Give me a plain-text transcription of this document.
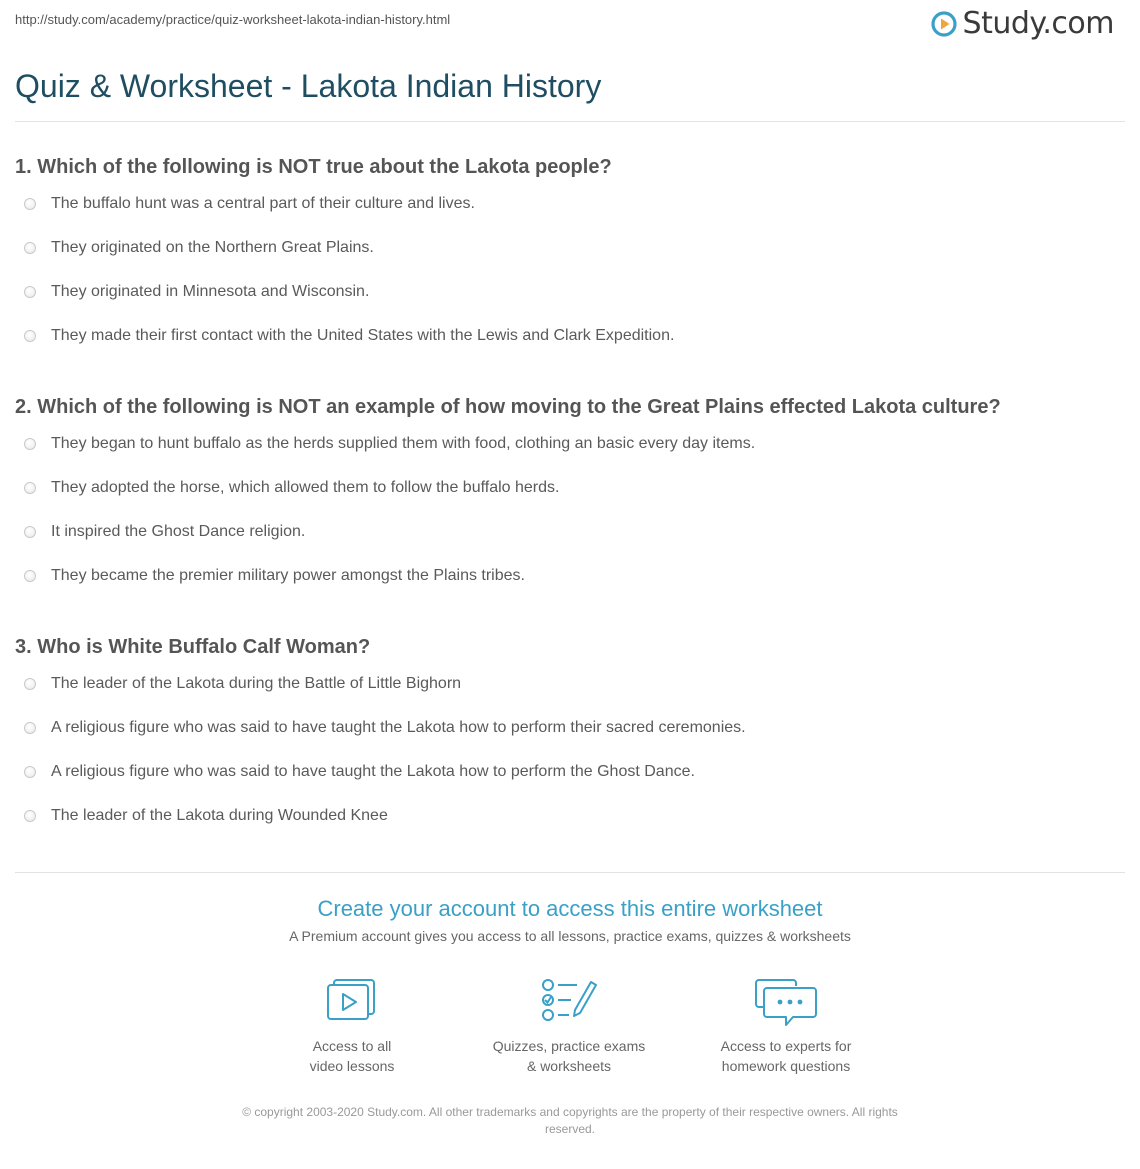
http://study.com/academy/practice/quiz-worksheet-lakota-indian-history.html	Study.com
Quiz & Worksheet - Lakota Indian History
1. Which of the following is NOT true about the Lakota people?
The buffalo hunt was a central part of their culture and lives.
They originated on the Northern Great Plains.
They originated in Minnesota and Wisconsin.
They made their first contact with the United States with the Lewis and Clark Expedition.
2. Which of the following is NOT an example of how moving to the Great Plains effected Lakota culture?
They began to hunt buffalo as the herds supplied them with food, clothing an basic every day items.
They adopted the horse, which allowed them to follow the buffalo herds.
It inspired the Ghost Dance religion.
They became the premier military power amongst the Plains tribes.
3. Who is White Buffalo Calf Woman?
The leader of the Lakota during the Battle of Little Bighorn
A religious figure who was said to have taught the Lakota how to perform their sacred ceremonies.
A religious figure who was said to have taught the Lakota how to perform the Ghost Dance.
The leader of the Lakota during Wounded Knee

Create your account to access this entire worksheet

A Premium account gives you access to all lessons, practice exams, quizzes & worksheets
Access to all
video lessons
Quizzes, practice exams
& worksheets
Access to experts for
homework questions
© copyright 2003-2020 Study.com. All other trademarks and copyrights are the property of their respective owners. All rights
reserved.
